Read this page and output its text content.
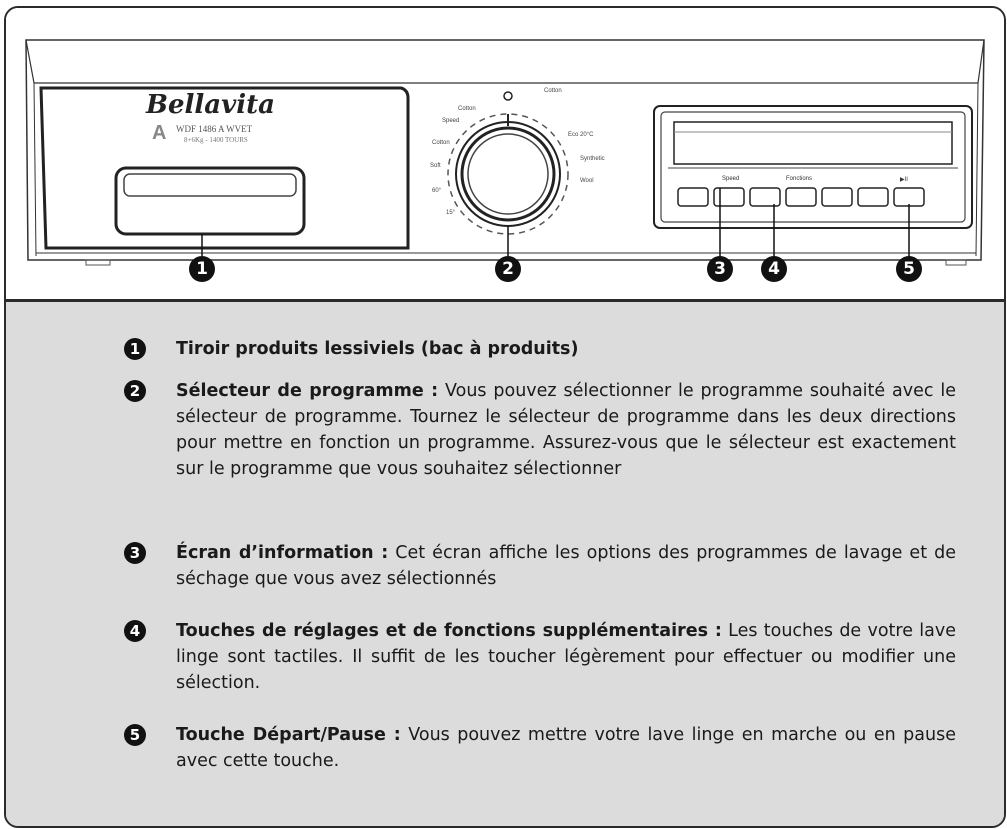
Bellavita
A WDF 1486 A WVET
8+6Kg - 1400 TOURS
Cotton
Speed
Cotton
Soft
60°
15°
Cotton
Eco 20°C
Synthetic
Wool	Speed	Fonctions	▶︎II
1	2	3	4	5
1	Tiroir produits lessiviels (bac à produits)
2	Sélecteur de programme : Vous pouvez sélectionner le programme souhaité avec le sélecteur de programme. Tournez le sélecteur de programme dans les deux directions pour mettre en fonction un programme. Assurez-vous que le sélecteur est exactement sur le programme que vous souhaitez sélectionner
3	Écran d’information : Cet écran affiche les options des programmes de lavage et de séchage que vous avez sélectionnés
4	Touches de réglages et de fonctions supplémentaires : Les touches de votre lave linge sont tactiles. Il suffit de les toucher légèrement pour effectuer ou modifier une sélection.
5	Touche Départ/Pause : Vous pouvez mettre votre lave linge en marche ou en pause avec cette touche.
